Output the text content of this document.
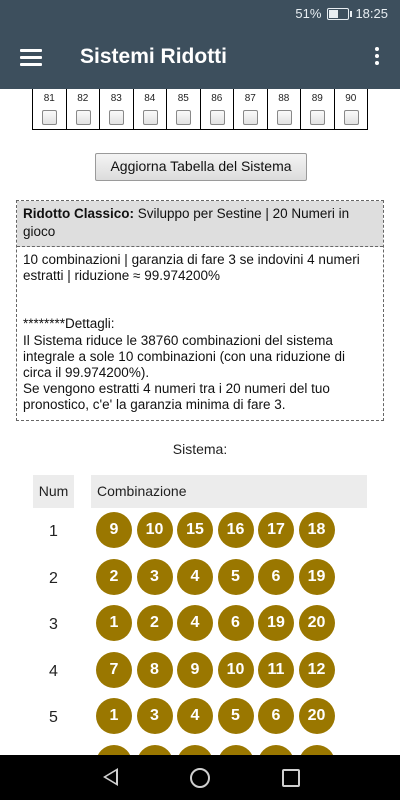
51%	18:25
Sistemi Ridotti
81	82	83	84	85	86	87	88	89	90
Aggiorna Tabella del Sistema
Ridotto Classico: Sviluppo per Sestine | 20 Numeri in gioco
10 combinazioni | garanzia di fare 3 se indovini 4 numeri estratti | riduzione ≈ 99.974200%
********Dettagli:
Il Sistema riduce le 38760 combinazioni del sistema integrale a sole 10 combinazioni (con una riduzione di circa il 99.974200%).
Se vengono estratti 4 numeri tra i 20 numeri del tuo pronostico, c'e' la garanzia minima di fare 3.
Sistema:
Num	Combinazione
1	9	10	15	16	17	18
2	2	3	4	5	6	19
3	1	2	4	6	19	20
4	7	8	9	10	11	12
5	1	3	4	5	6	20
